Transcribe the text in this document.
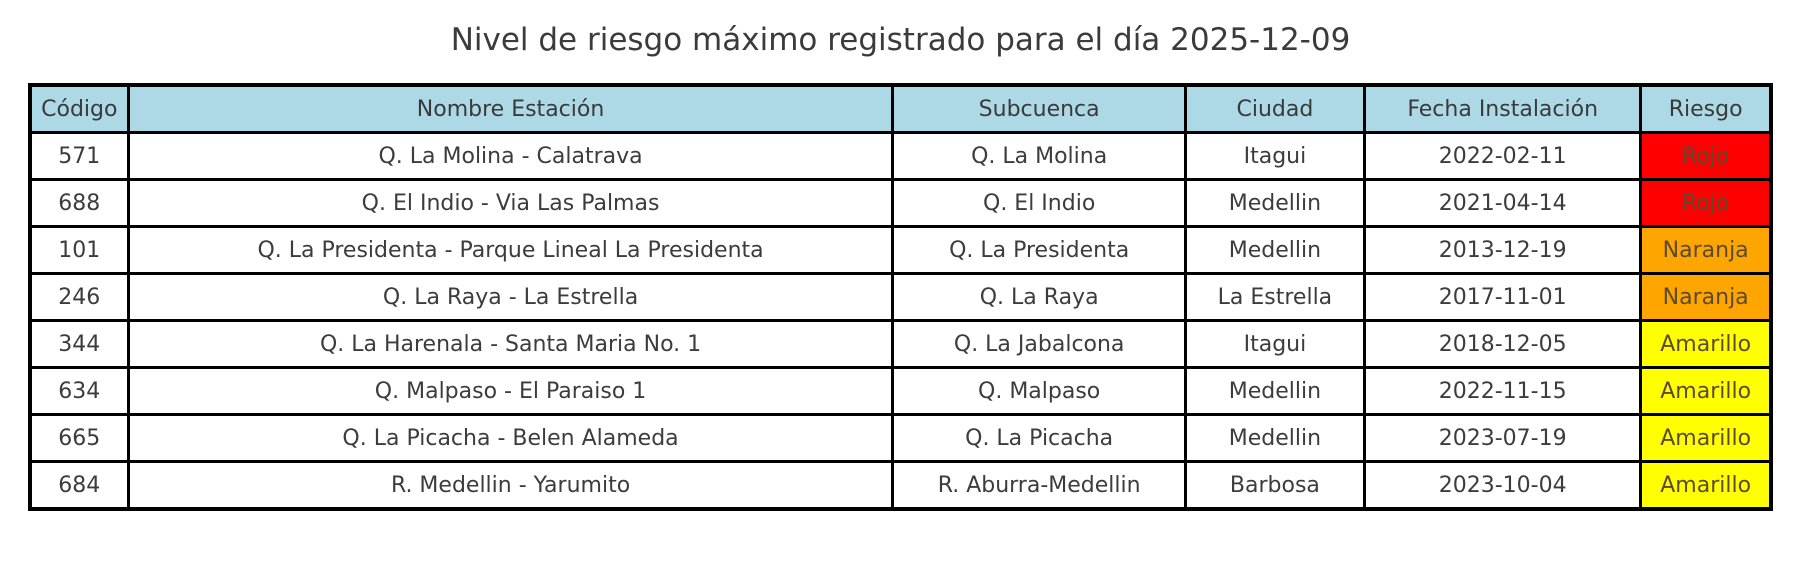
Nivel de riesgo máximo registrado para el día 2025-12-09
Código	Nombre Estación	Subcuenca	Ciudad	Fecha Instalación	Riesgo
571	Q. La Molina - Calatrava	Q. La Molina	Itagui	2022-02-11	Rojo
688	Q. El Indio - Via Las Palmas	Q. El Indio	Medellin	2021-04-14	Rojo
101	Q. La Presidenta - Parque Lineal La Presidenta	Q. La Presidenta	Medellin	2013-12-19	Naranja
246	Q. La Raya - La Estrella	Q. La Raya	La Estrella	2017-11-01	Naranja
344	Q. La Harenala - Santa Maria No. 1	Q. La Jabalcona	Itagui	2018-12-05	Amarillo
634	Q. Malpaso - El Paraiso 1	Q. Malpaso	Medellin	2022-11-15	Amarillo
665	Q. La Picacha - Belen Alameda	Q. La Picacha	Medellin	2023-07-19	Amarillo
684	R. Medellin - Yarumito	R. Aburra-Medellin	Barbosa	2023-10-04	Amarillo
